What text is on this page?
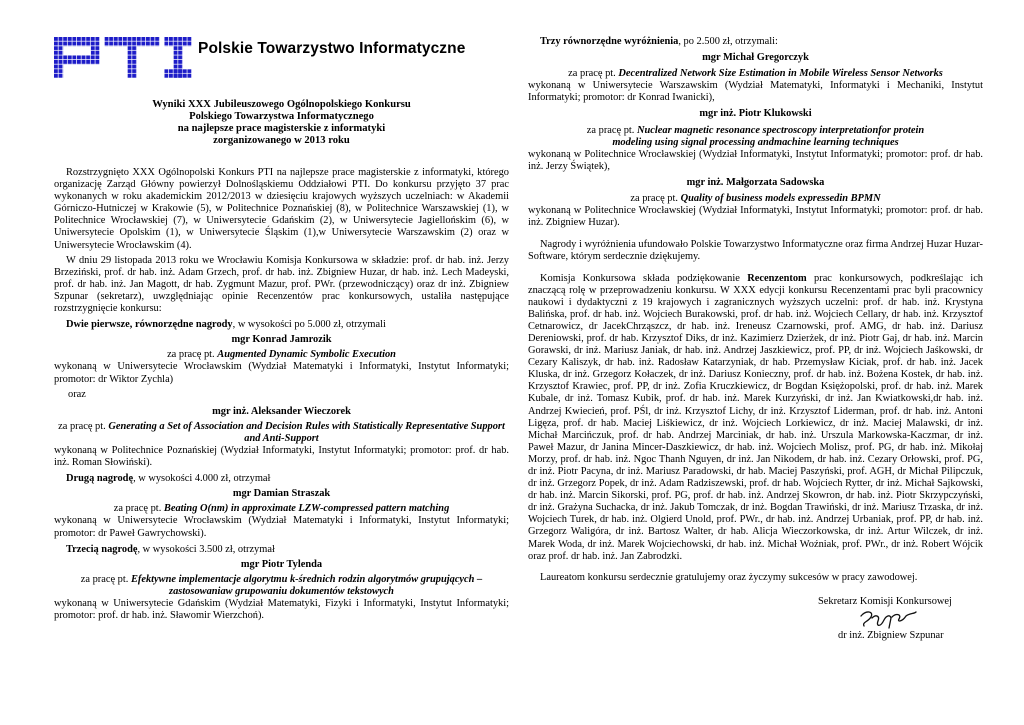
Polskie Towarzystwo Informatyczne
Wyniki XXX Jubileuszowego Ogólnopolskiego Konkursu
Polskiego Towarzystwa Informatycznego
na najlepsze prace magisterskie z informatyki
zorganizowanego w 2013 roku

Rozstrzygnięto XXX Ogólnopolski Konkurs PTI na najlepsze prace magisterskie z informatyki, którego organizację Zarząd Główny powierzył Dolnośląskiemu Oddziałowi PTI. Do konkursu przyjęto 37 prac wykonanych w roku akademickim 2012/2013 w dziesięciu krajowych wyższych uczelniach: w Akademii Górniczo-Hutniczej w Krakowie (5), w Politechnice Poznańskiej (8), w Politechnice Warszawskiej (1), w Politechnice Wrocławskiej (7), w Uniwersytecie Gdańskim (2), w Uniwersytecie Jagiellońskim (6), w Uniwersytecie Opolskim (1), w Uniwersytecie Śląskim (1),w Uniwersytecie Warszawskim (2) oraz w Uniwersytecie Wrocławskim (4).

W dniu 29 listopada 2013 roku we Wrocławiu Komisja Konkursowa w składzie: prof. dr hab. inż. Jerzy Brzeziński, prof. dr hab. inż. Adam Grzech, prof. dr hab. inż. Zbigniew Huzar, dr hab. inż. Lech Madeyski, prof. dr hab. inż. Jan Magott, dr hab. Zygmunt Mazur, prof. PWr. (przewodniczący) oraz dr inż. Zbigniew Szpunar (sekretarz), uwzględniając opinie Recenzentów prac konkursowych, ustaliła następujące rozstrzygnięcie konkursu:

Dwie pierwsze, równorzędne nagrody, w wysokości po 5.000 zł, otrzymali

mgr Konrad Jamrozik

za pracę pt. Augmented Dynamic Symbolic Execution

wykonaną w Uniwersytecie Wrocławskim (Wydział Matematyki i Informatyki, Instytut Informatyki; promotor: dr Wiktor Zychla)

oraz

mgr inż. Aleksander Wieczorek

za pracę pt. Generating a Set of Association and Decision Rules with Statistically Representative Support and Anti-Support

wykonaną w Politechnice Poznańskiej (Wydział Informatyki, Instytut Informatyki; promotor: prof. dr hab. inż. Roman Słowiński).

Drugą nagrodę, w wysokości 4.000 zł, otrzymał

mgr Damian Straszak

za pracę pt. Beating O(nm) in approximate LZW-compressed pattern matching

wykonaną w Uniwersytecie Wrocławskim (Wydział Matematyki i Informatyki, Instytut Informatyki; promotor: dr Paweł Gawrychowski).

Trzecią nagrodę, w wysokości 3.500 zł, otrzymał

mgr Piotr Tylenda

za pracę pt. Efektywne implementacje algorytmu k-średnich rodzin algorytmów grupujących – zastosowaniaw grupowaniu dokumentów tekstowych

wykonaną w Uniwersytecie Gdańskim (Wydział Matematyki, Fizyki i Informatyki, Instytut Informatyki; promotor: prof. dr hab. inż. Sławomir Wierzchoń).

Trzy równorzędne wyróżnienia, po 2.500 zł, otrzymali:

mgr Michał Gregorczyk

za pracę pt. Decentralized Network Size Estimation in Mobile Wireless Sensor Networks

wykonaną w Uniwersytecie Warszawskim (Wydział Matematyki, Informatyki i Mechaniki, Instytut Informatyki; promotor: dr Konrad Iwanicki),

mgr inż. Piotr Klukowski

za pracę pt. Nuclear magnetic resonance spectroscopy interpretationfor protein modeling using signal processing andmachine learning techniques

wykonaną w Politechnice Wrocławskiej (Wydział Informatyki, Instytut Informatyki; promotor: prof. dr hab. inż. Jerzy Świątek),

mgr inż. Małgorzata Sadowska

za pracę pt. Quality of business models expressedin BPMN

wykonaną w Politechnice Wrocławskiej (Wydział Informatyki, Instytut Informatyki; promotor: prof. dr hab. inż. Zbigniew Huzar).

Nagrody i wyróżnienia ufundowało Polskie Towarzystwo Informatyczne oraz firma Andrzej Huzar Huzar-Software, którym serdecznie dziękujemy.

Komisja Konkursowa składa podziękowanie Recenzentom prac konkursowych, podkreślając ich znaczącą rolę w przeprowadzeniu konkursu. W XXX edycji konkursu Recenzentami prac byli pracownicy naukowi i dydaktyczni z 19 krajowych i zagranicznych wyższych uczelni: prof. dr hab. inż. Krystyna Balińska, prof. dr hab. inż. Wojciech Burakowski, prof. dr hab. inż. Wojciech Cellary, dr hab. inż. Krzysztof Cetnarowicz, dr JacekChrząszcz, dr hab. inż. Ireneusz Czarnowski, prof. AMG, dr hab. inż. Dariusz Dereniowski, prof. dr hab. Krzysztof Diks, dr inż. Kazimierz Dzierżek, dr inż. Piotr Gaj, dr hab. inż. Marcin Gorawski, dr inż. Mariusz Janiak, dr hab. inż. Andrzej Jaszkiewicz, prof. PP, dr inż. Wojciech Jaśkowski, dr Cezary Kaliszyk, dr hab. inż. Radosław Katarzyniak, dr hab. Przemysław Kiciak, prof. dr hab. inż. Jacek Kluska, dr inż. Grzegorz Kołaczek, dr inż. Dariusz Konieczny, prof. dr hab. inż. Bożena Kostek, dr hab. inż. Krzysztof Krawiec, prof. PP, dr inż. Zofia Kruczkiewicz, dr Bogdan Księżopolski, prof. dr hab. inż. Marek Kubale, dr inż. Tomasz Kubik, prof. dr hab. inż. Marek Kurzyński, dr inż. Jan Kwiatkowski,dr hab. inż. Andrzej Kwiecień, prof. PŚl, dr inż. Krzysztof Lichy, dr inż. Krzysztof Liderman, prof. dr hab. inż. Antoni Ligęza, prof. dr hab. Maciej Liśkiewicz, dr inż. Wojciech Lorkiewicz, dr inż. Maciej Malawski, dr inż. Michał Marcińczuk, prof. dr hab. Andrzej Marciniak, dr hab. inż. Urszula Markowska-Kaczmar, dr inż. Paweł Mazur, dr Janina Mincer-Daszkiewicz, dr hab. inż. Wojciech Molisz, prof. PG, dr hab. inż. Mikołaj Morzy, prof. dr hab. inż. Ngoc Thanh Nguyen, dr inż. Jan Nikodem, dr hab. inż. Cezary Orłowski, prof. PG, dr inż. Piotr Pacyna, dr inż. Mariusz Paradowski, dr hab. Maciej Paszyński, prof. AGH, dr Michał Pilipczuk, dr inż. Grzegorz Popek, dr inż. Adam Radziszewski, prof. dr hab. Wojciech Rytter, dr inż. Michał Sajkowski, dr hab. inż. Marcin Sikorski, prof. PG, prof. dr hab. inż. Andrzej Skowron, dr hab. inż. Piotr Skrzypczyński, dr inż. Grażyna Suchacka, dr inż. Jakub Tomczak, dr inż. Bogdan Trawiński, dr inż. Mariusz Trzaska, dr inż. Wojciech Turek, dr hab. inż. Olgierd Unold, prof. PWr., dr hab. inż. Andrzej Urbaniak, prof. PP, dr hab. inż. Grzegorz Waligóra, dr inż. Bartosz Walter, dr hab. Alicja Wieczorkowska, dr inż. Artur Wilczek, dr inż. Marek Woda, dr inż. Marek Wojciechowski, dr hab. inż. Michał Woźniak, prof. PWr., dr inż. Robert Wójcik oraz prof. dr hab. inż. Jan Zabrodzki.

Laureatom konkursu serdecznie gratulujemy oraz życzymy sukcesów w pracy zawodowej.

Sekretarz Komisji Konkursowej
dr inż. Zbigniew Szpunar
